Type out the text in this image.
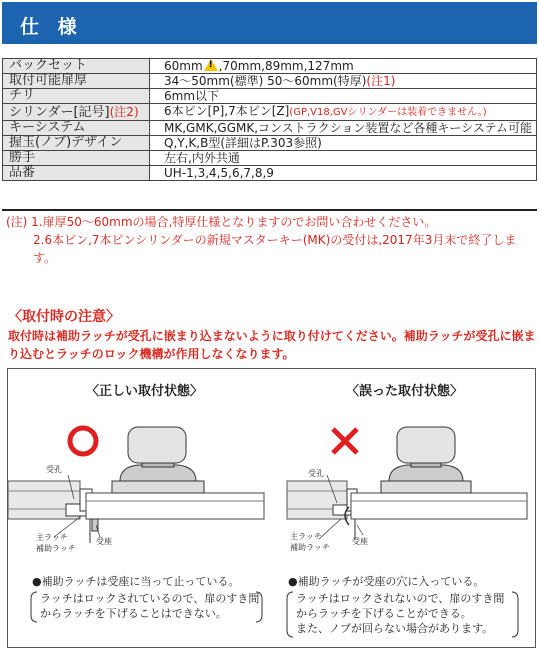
仕 様
バックセット	60mm ! ,70mm,89mm,127mm
取付可能扉厚	34～50mm(標準) 50～60mm(特厚)(注1)
チリ	6mm以下
シリンダー[記号](注2)	6本ピン[P],7本ピン[Z](GP,V18,GVシリンダーは装着できません。)
キーシステム	MK,GMK,GGMK,コンストラクション装置など各種キーシステム可能
握玉(ノブ)デザイン	Q,Y,K,B型(詳細はP.303参照)
勝手	左右,内外共通
品番	UH-1,3,4,5,6,7,8,9
(注) 1.扉厚50～60mmの場合,特厚仕様となりますのでお問い合わせください。
2.6本ピン,7本ピンシリンダーの新規マスターキー(MK)の受付は,2017年3月末で終了します。
〈取付時の注意〉
取付時は補助ラッチが受孔に嵌まり込まないように取り付けてください。補助ラッチが受孔に嵌まり込むとラッチのロック機構が作用しなくなります。
〈正しい取付状態〉
受孔
主ラッチ
補助ラッチ
受座
●補助ラッチは受座に当って止っている。
ラッチはロックされているので、扉のすき間
からラッチを下げることはできない。
〈誤った取付状態〉
受孔
主ラッチ
補助ラッチ
受座
●補助ラッチが受座の穴に入っている。
ラッチはロックされないので、扉のすき間
からラッチを下げることができる。
また、ノブが回らない場合があります。
